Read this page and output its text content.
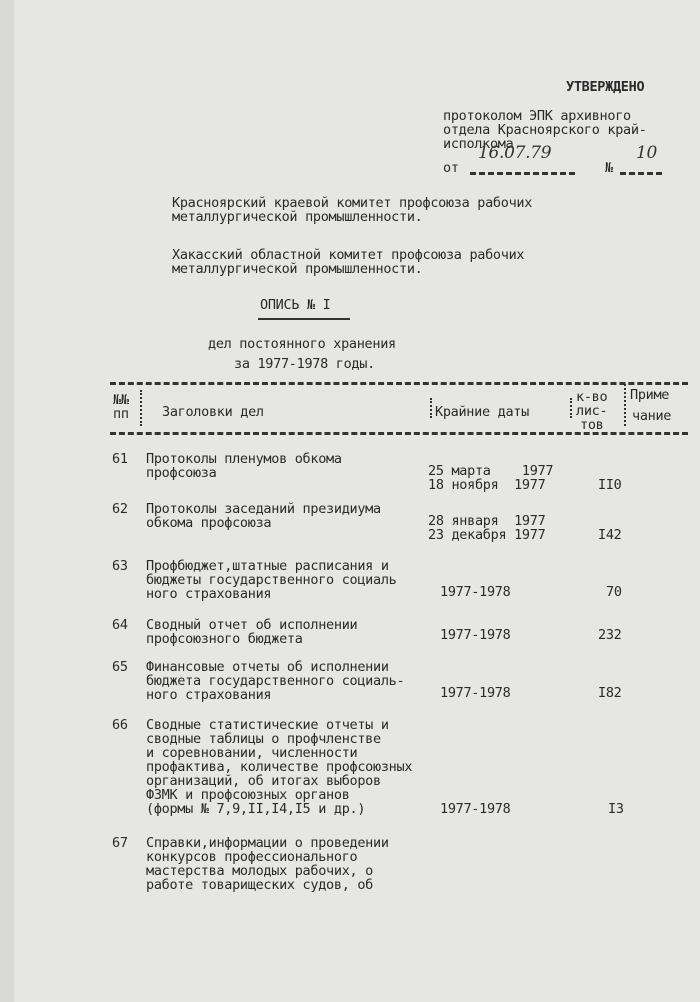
УТВЕРЖДЕНО
протоколом ЭПК архивного
отдела Красноярского край-
исполкома
от
16.07.79
№
10
Красноярский краевой комитет профсоюза рабочих
металлургической промышленности.
Хакасский областной комитет профсоюза рабочих
металлургической промышленности.
ОПИСЬ № I
дел постоянного хранения
за 1977-1978 годы.
№№
пп Заголовки дел	Крайние даты
к-во
лис-
тов
Приме
чание
61 Протоколы пленумов обкома
профсоюза	25 марта    1977
18 ноября  1977	II0
62 Протоколы заседаний президиума
обкома профсоюза	28 января  1977
23 декабря 1977	I42
63 Профбюджет,штатные расписания и
бюджеты государственного социаль
ного страхования	1977-1978	70
64 Сводный отчет об исполнении
профсоюзного бюджета	1977-1978	232
65 Финансовые отчеты об исполнении
бюджета государственного социаль-
ного страхования	1977-1978	I82
66 Сводные статистические отчеты и
сводные таблицы о профчленстве
и соревновании, численности
профактива, количестве профсоюзных
организаций, об итогах выборов
ФЗМК и профсоюзных органов
(формы № 7,9,II,I4,I5 и др.)	1977-1978	I3
67 Справки,информации о проведении
конкурсов профессионального
мастерства молодых рабочих, о
работе товарищеских судов, об
